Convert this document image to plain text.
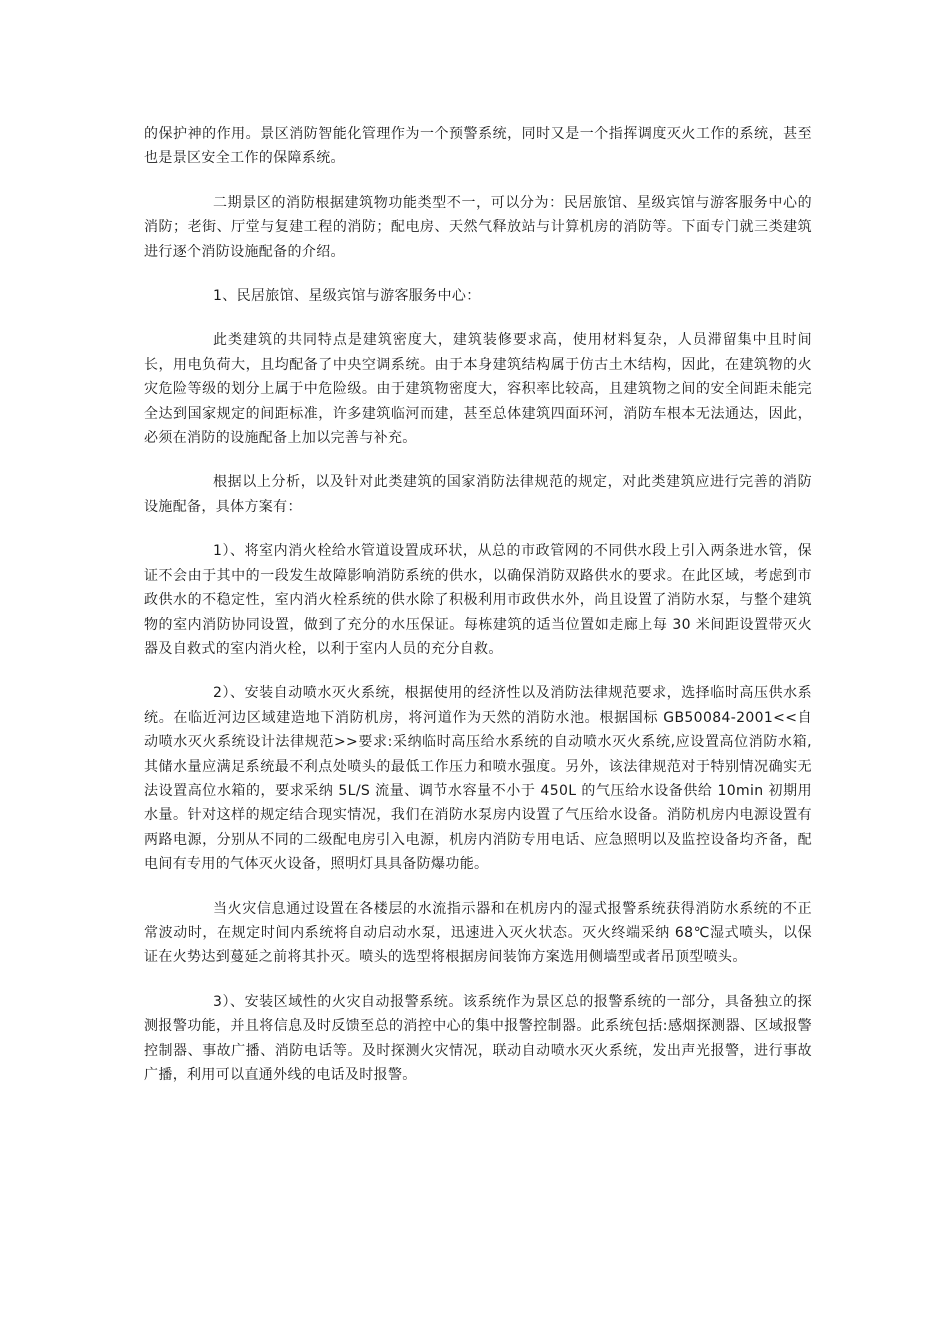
的保护神的作用。景区消防智能化管理作为一个预警系统，同时又是一个指挥调度灭火工作的系统，甚至也是景区安全工作的保障系统。

二期景区的消防根据建筑物功能类型不一，可以分为：民居旅馆、星级宾馆与游客服务中心的消防；老街、厅堂与复建工程的消防；配电房、天然气释放站与计算机房的消防等。下面专门就三类建筑进行逐个消防设施配备的介绍。

1、民居旅馆、星级宾馆与游客服务中心：

此类建筑的共同特点是建筑密度大，建筑装修要求高，使用材料复杂，人员滞留集中且时间长，用电负荷大，且均配备了中央空调系统。由于本身建筑结构属于仿古土木结构，因此，在建筑物的火灾危险等级的划分上属于中危险级。由于建筑物密度大，容积率比较高，且建筑物之间的安全间距未能完全达到国家规定的间距标准，许多建筑临河而建，甚至总体建筑四面环河，消防车根本无法通达，因此，必须在消防的设施配备上加以完善与补充。

根据以上分析，以及针对此类建筑的国家消防法律规范的规定，对此类建筑应进行完善的消防设施配备，具体方案有：

1）、将室内消火栓给水管道设置成环状，从总的市政管网的不同供水段上引入两条进水管，保证不会由于其中的一段发生故障影响消防系统的供水，以确保消防双路供水的要求。在此区域，考虑到市政供水的不稳定性，室内消火栓系统的供水除了积极利用市政供水外，尚且设置了消防水泵，与整个建筑物的室内消防协同设置，做到了充分的水压保证。每栋建筑的适当位置如走廊上每 30 米间距设置带灭火器及自救式的室内消火栓，以利于室内人员的充分自救。

2）、安装自动喷水灭火系统，根据使用的经济性以及消防法律规范要求，选择临时高压供水系统。在临近河边区域建造地下消防机房，将河道作为天然的消防水池。根据国标 GB50084-2001<<自动喷水灭火系统设计法律规范>>要求:采纳临时高压给水系统的自动喷水灭火系统,应设置高位消防水箱,其储水量应满足系统最不利点处喷头的最低工作压力和喷水强度。另外，该法律规范对于特别情况确实无法设置高位水箱的，要求采纳 5L/S 流量、调节水容量不小于 450L 的气压给水设备供给 10min 初期用水量。针对这样的规定结合现实情况，我们在消防水泵房内设置了气压给水设备。消防机房内电源设置有两路电源，分别从不同的二级配电房引入电源，机房内消防专用电话、应急照明以及监控设备均齐备，配电间有专用的气体灭火设备，照明灯具具备防爆功能。

当火灾信息通过设置在各楼层的水流指示器和在机房内的湿式报警系统获得消防水系统的不正常波动时，在规定时间内系统将自动启动水泵，迅速进入灭火状态。灭火终端采纳 68℃湿式喷头，以保证在火势达到蔓延之前将其扑灭。喷头的选型将根据房间装饰方案选用侧墙型或者吊顶型喷头。

3）、安装区域性的火灾自动报警系统。该系统作为景区总的报警系统的一部分，具备独立的探测报警功能，并且将信息及时反馈至总的消控中心的集中报警控制器。此系统包括:感烟探测器、区域报警控制器、事故广播、消防电话等。及时探测火灾情况，联动自动喷水灭火系统，发出声光报警，进行事故广播，利用可以直通外线的电话及时报警。
